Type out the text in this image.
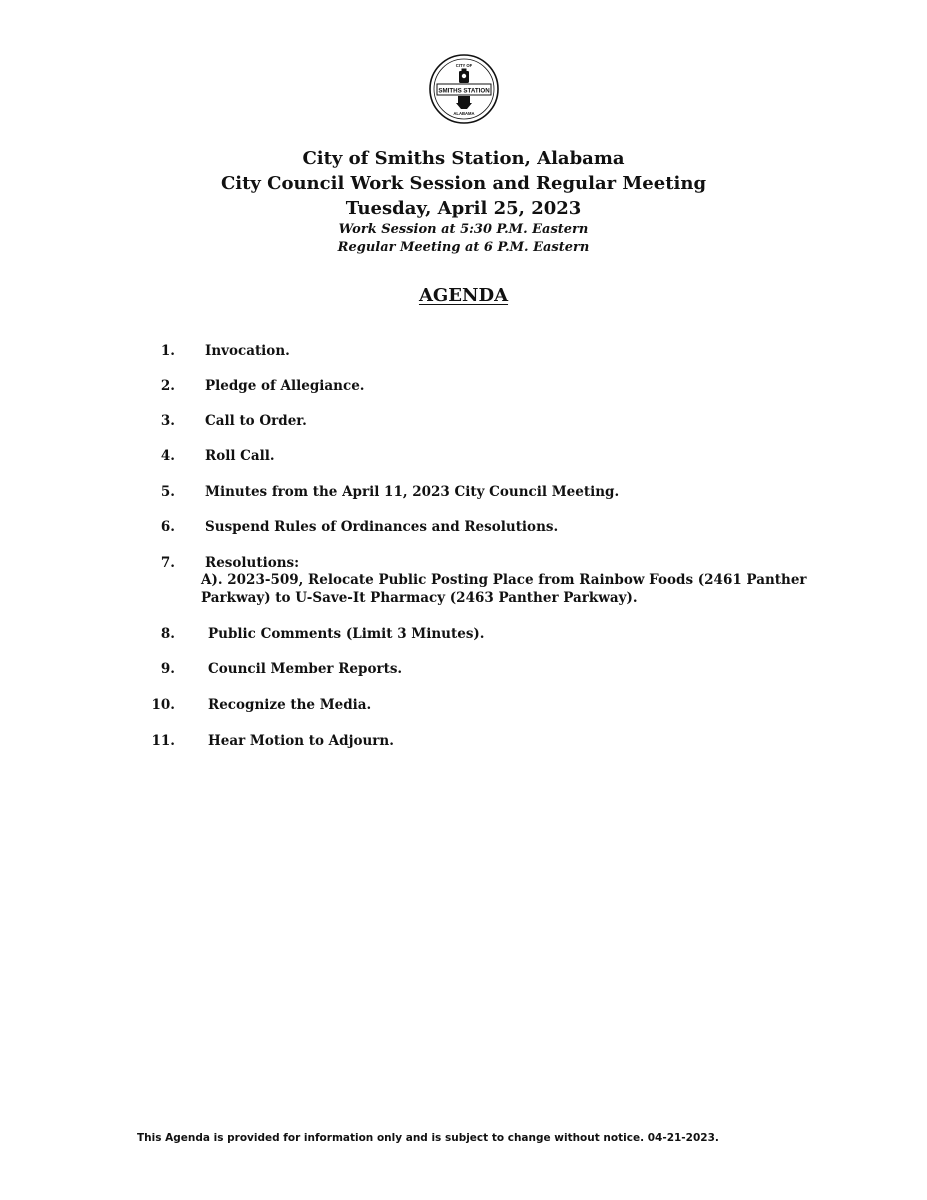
SMITHS STATION
CITY OF
ALABAMA
City of Smiths Station, Alabama
City Council Work Session and Regular Meeting
Tuesday, April 25, 2023
Work Session at 5:30 P.M. Eastern
Regular Meeting at 6 P.M. Eastern
AGENDA
1. Invocation.
2. Pledge of Allegiance.
3. Call to Order.
4. Roll Call.
5. Minutes from the April 11, 2023 City Council Meeting.
6. Suspend Rules of Ordinances and Resolutions.
7. Resolutions:
A). 2023-509, Relocate Public Posting Place from Rainbow Foods (2461 Panther
Parkway) to U-Save-It Pharmacy (2463 Panther Parkway).
8. Public Comments (Limit 3 Minutes).
9. Council Member Reports.
10. Recognize the Media.
11. Hear Motion to Adjourn.
This Agenda is provided for information only and is subject to change without notice. 04-21-2023.
